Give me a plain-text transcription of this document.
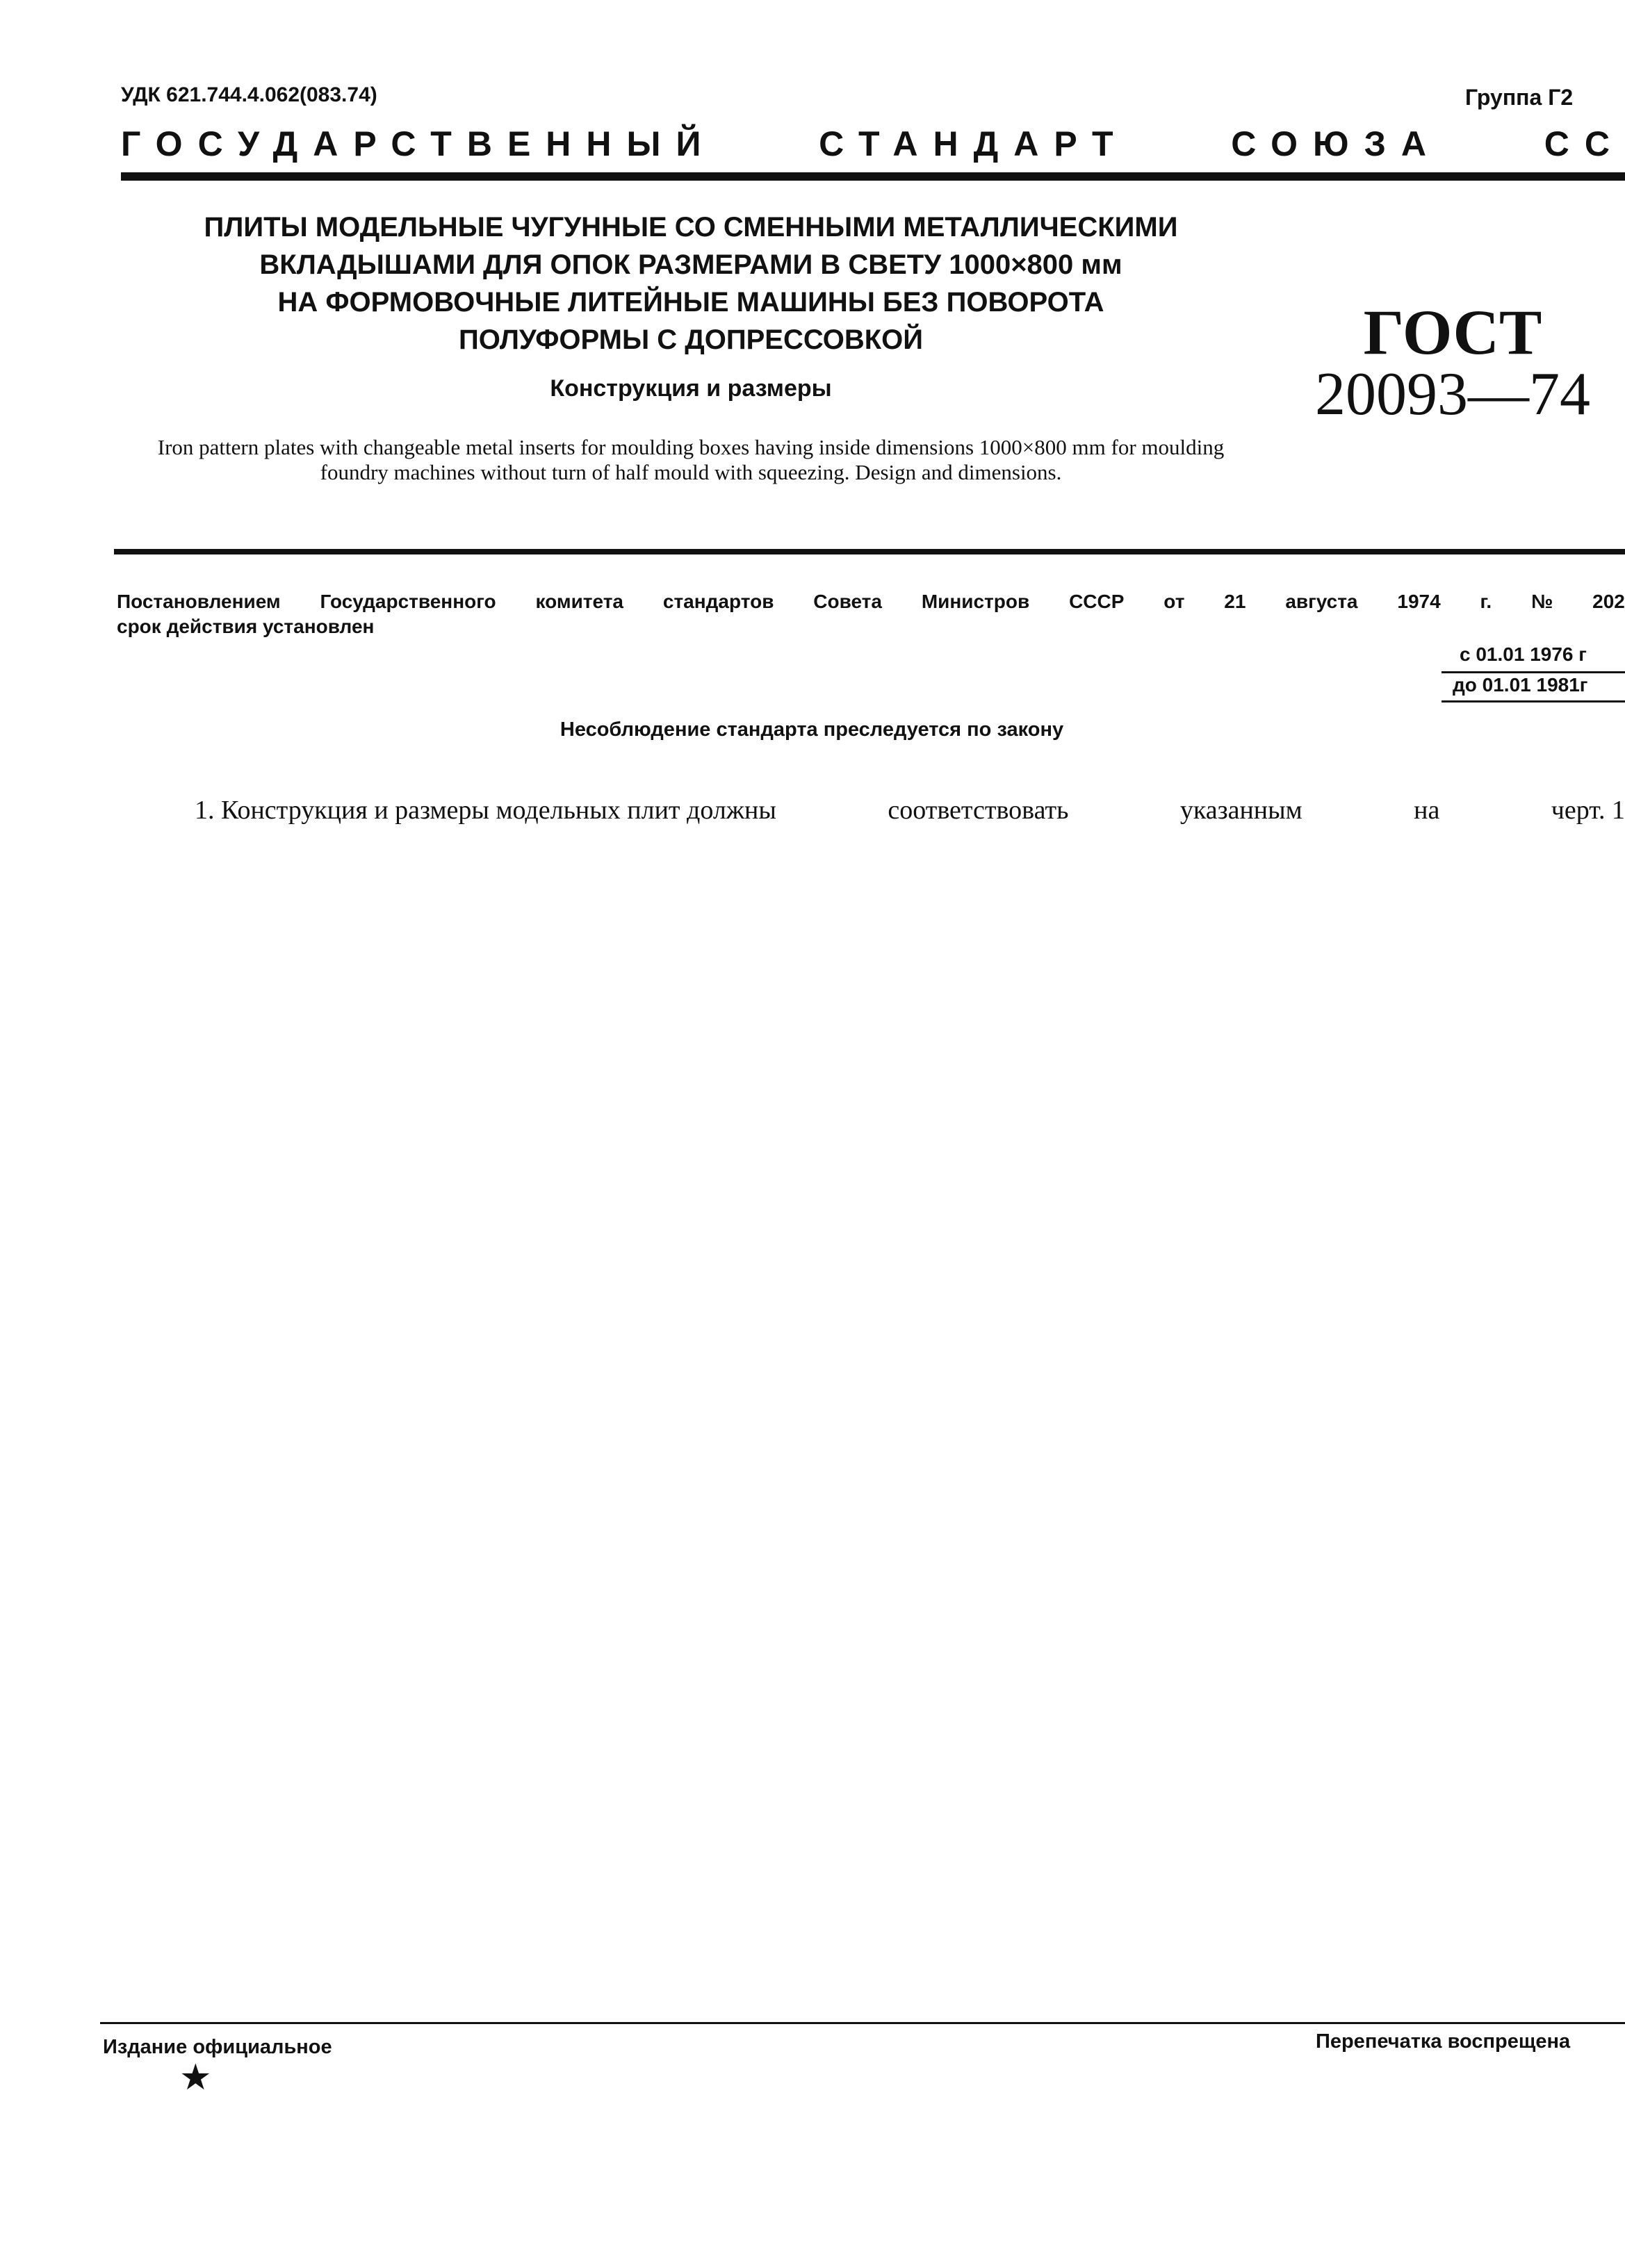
УДК 621.744.4.062(083.74)	Группа Г2
ГОСУДАРСТВЕННЫЙ	СТАНДАРТ	СОЮЗА	СС
ПЛИТЫ МОДЕЛЬНЫЕ ЧУГУННЫЕ СО СМЕННЫМИ МЕТАЛЛИЧЕСКИМИ
ВКЛАДЫШАМИ ДЛЯ ОПОК РАЗМЕРАМИ В СВЕТУ 1000×800 мм
НА ФОРМОВОЧНЫЕ ЛИТЕЙНЫЕ МАШИНЫ БЕЗ ПОВОРОТА
ПОЛУФОРМЫ С ДОПРЕССОВКОЙ
Конструкция и размеры
Iron pattern plates with changeable metal inserts for moulding boxes having inside dimensions 1000×800 mm for moulding foundry machines without turn of half mould with squeezing. Design and dimensions.
ГОСТ
20093—74
Постановлением Государственного комитета стандартов Совета Министров СССР от 21 августа 1974 г. № 202
срок действия установлен
с 01.01 1976 г
до 01.01 1981г
Несоблюдение стандарта преследуется по закону
1. Конструкция и размеры модельных плит должны	соответствовать	указанным	на	черт. 1
Издание официальное	Перепечатка воспрещена
★
